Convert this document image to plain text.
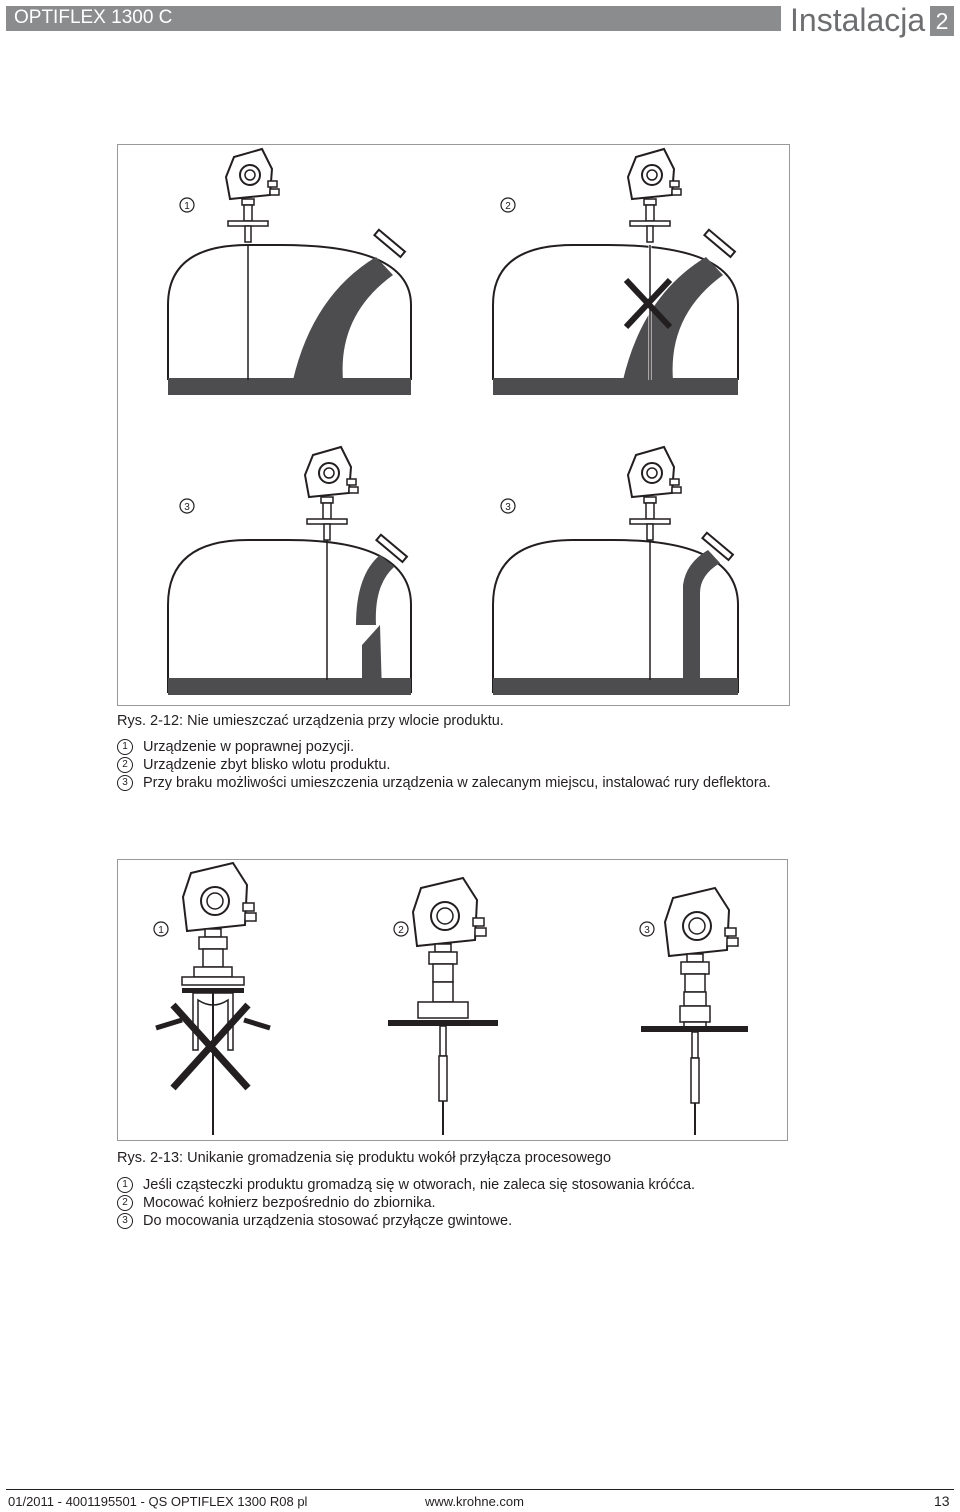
OPTIFLEX 1300 C	Instalacja 2
1	2
3	3
Rys. 2-12: Nie umieszczać urządzenia przy wlocie produktu.
1	Urządzenie w poprawnej pozycji.
2	Urządzenie zbyt blisko wlotu produktu.
3	Przy braku możliwości umieszczenia urządzenia w zalecanym miejscu, instalować rury deflektora.
1	2	3
Rys. 2-13: Unikanie gromadzenia się produktu wokół przyłącza procesowego
1	Jeśli cząsteczki produktu gromadzą się w otworach, nie zaleca się stosowania króćca.
2	Mocować kołnierz bezpośrednio do zbiornika.
3	Do mocowania urządzenia stosować przyłącze gwintowe.
01/2011 - 4001195501 - QS OPTIFLEX 1300 R08 pl	www.krohne.com	13
